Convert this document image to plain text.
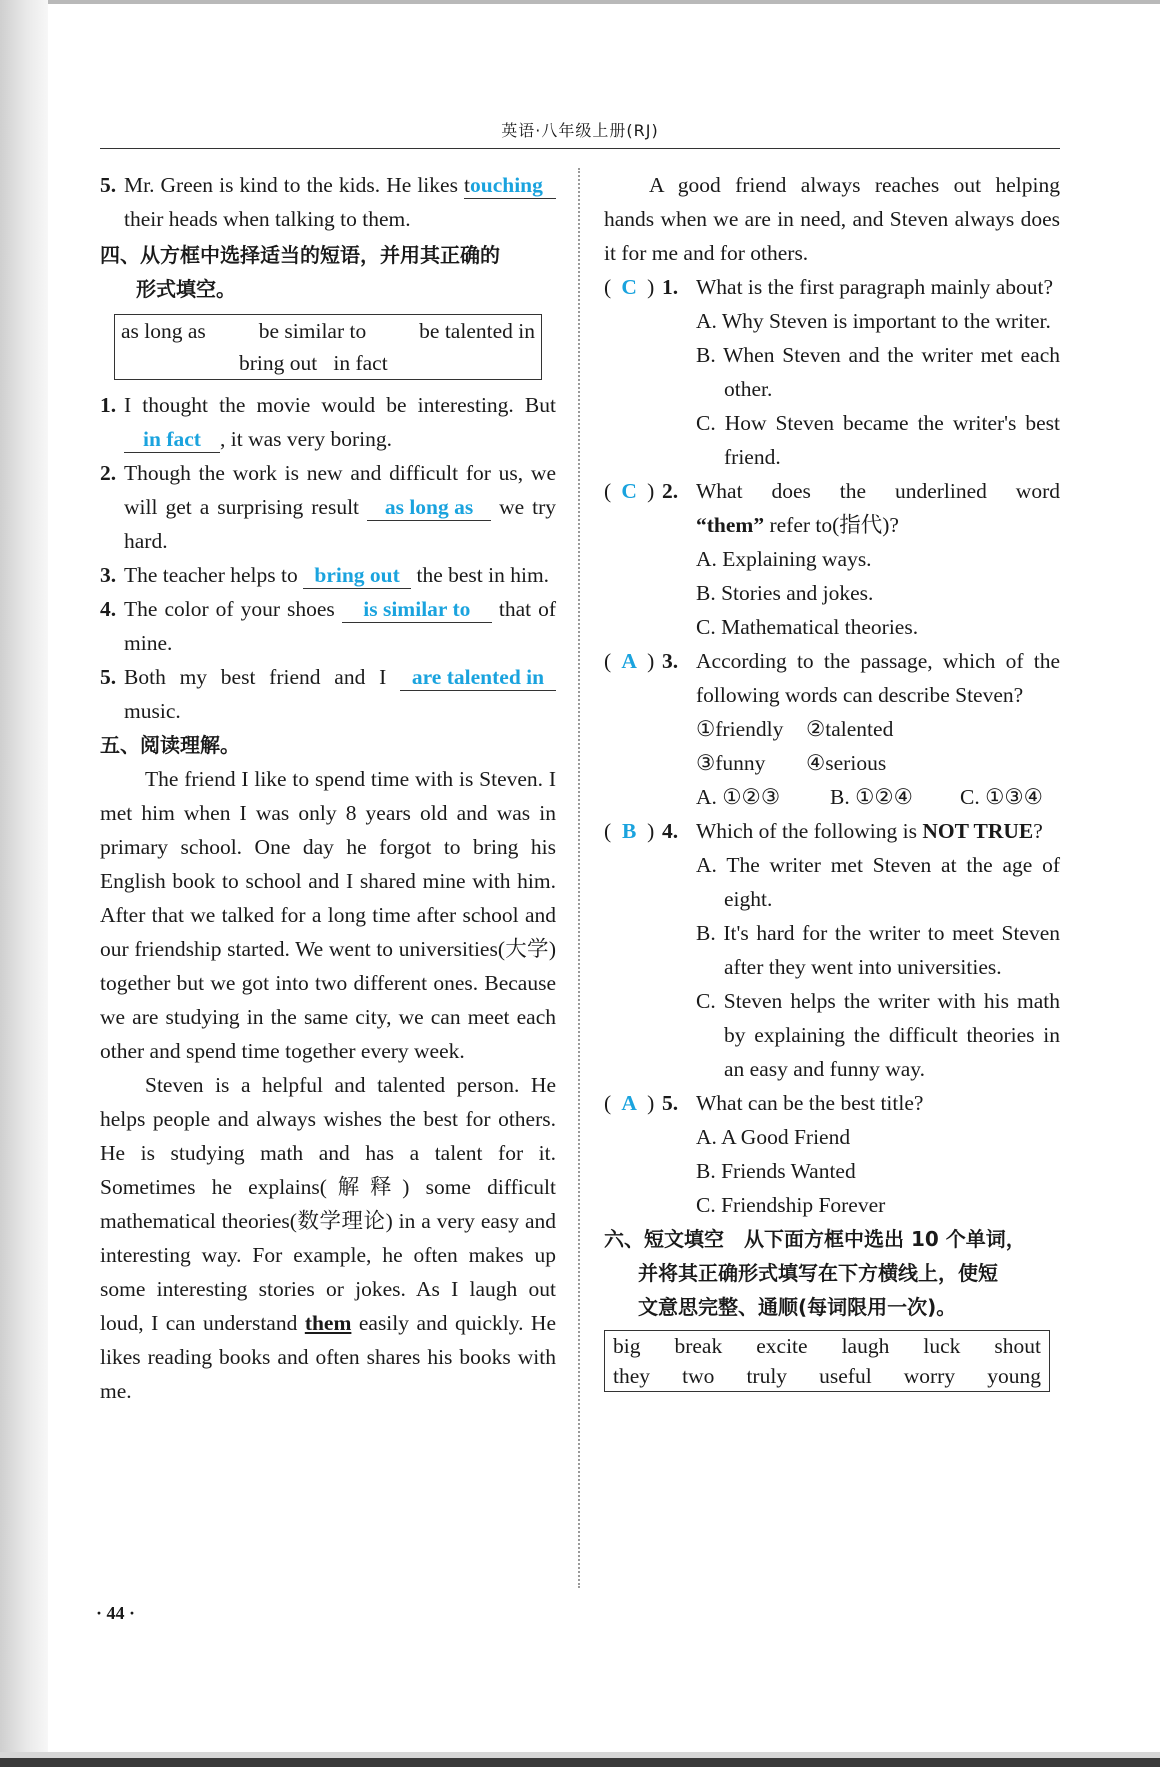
英语·八年级上册(RJ)
5. Mr. Green is kind to the kids. He likes touching their heads when talking to them.
四、从方框中选择适当的短语，并用其正确的
形式填空。
as long as be similar to be talented in
bring out in fact
1. I thought the movie would be interesting. But in fact , it was very boring.
2. Though the work is new and difficult for us, we will get a surprising result as long as we try hard.
3. The teacher helps to bring out the best in him.
4. The color of your shoes is similar to that of mine.
5. Both my best friend and I are talented in music.
五、阅读理解。
The friend I like to spend time with is Steven. I met him when I was only 8 years old and was in primary school. One day he forgot to bring his English book to school and I shared mine with him. After that we talked for a long time after school and our friendship started. We went to universities(大学) together but we got into two different ones. Because we are studying in the same city, we can meet each other and spend time together every week.
Steven is a helpful and talented person. He helps people and always wishes the best for others. He is studying math and has a talent for it. Sometimes he explains(解释) some difficult mathematical theories(数学理论) in a very easy and interesting way. For example, he often makes up some interesting stories or jokes. As I laugh out loud, I can understand them easily and quickly. He likes reading books and often shares his books with me.
A good friend always reaches out helping hands when we are in need, and Steven always does it for me and for others.
( C ) 1. What is the first paragraph mainly about?
A. Why Steven is important to the writer.
B. When Steven and the writer met each other.
C. How Steven became the writer's best friend.
( C ) 2. What does the underlined word
“them” refer to(指代)?
A. Explaining ways.
B. Stories and jokes.
C. Mathematical theories.
( A ) 3. According to the passage, which of the following words can describe Steven?
①friendly ②talented
③funny ④serious
A. ①②③ B. ①②④ C. ①③④
( B ) 4. Which of the following is NOT TRUE?
A. The writer met Steven at the age of eight.
B. It's hard for the writer to meet Steven after they went into universities.
C. Steven helps the writer with his math by explaining the difficult theories in an easy and funny way.
( A ) 5. What can be the best title?
A. A Good Friend
B. Friends Wanted
C. Friendship Forever
六、短文填空　从下面方框中选出 10 个单词，
并将其正确形式填写在下方横线上，使短
文意思完整、通顺(每词限用一次)。
big break excite laugh luck shout
they two truly useful worry young
· 44 ·
